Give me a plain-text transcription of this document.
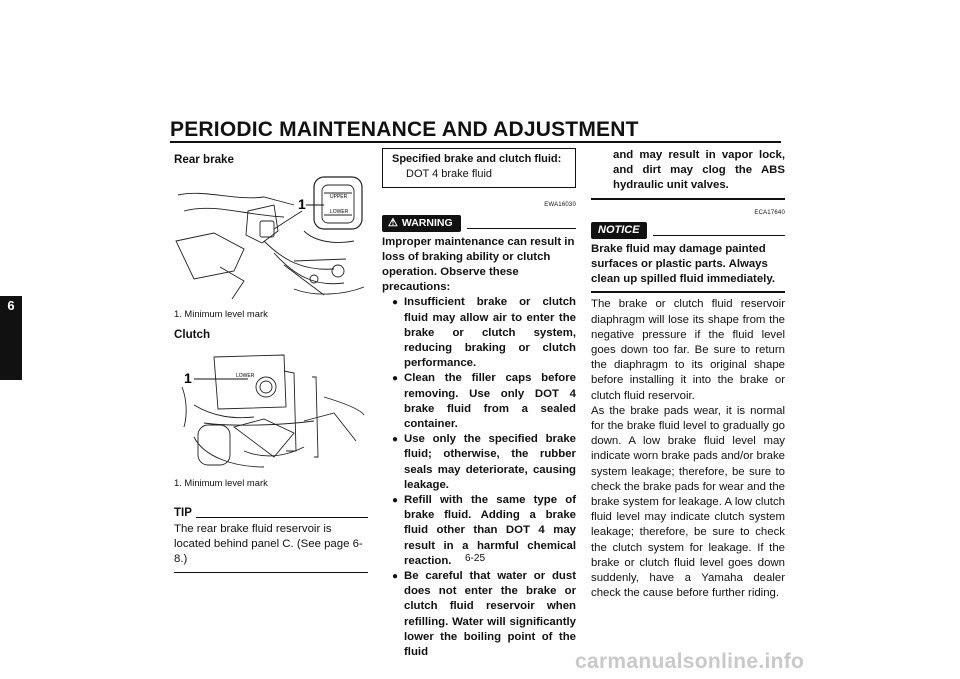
PERIODIC MAINTENANCE AND ADJUSTMENT
6
Rear brake
1	UPPER
LOWER
1. Minimum level mark
Clutch
1	LOWER
1. Minimum level mark
TIP
The rear brake fluid reservoir is located behind panel C. (See page 6-8.)
Specified brake and clutch fluid:
DOT 4 brake fluid
EWA16030
⚠ WARNING
Improper maintenance can result in loss of braking ability or clutch operation. Observe these precautions:
● Insufficient brake or clutch fluid may allow air to enter the brake or clutch system, reducing braking or clutch performance.
● Clean the filler caps before removing. Use only DOT 4 brake fluid from a sealed container.
● Use only the specified brake fluid; otherwise, the rubber seals may deteriorate, causing leakage.
● Refill with the same type of brake fluid. Adding a brake fluid other than DOT 4 may result in a harmful chemical reaction.
● Be careful that water or dust does not enter the brake or clutch fluid reservoir when refilling. Water will significantly lower the boiling point of the fluid
and may result in vapor lock, and dirt may clog the ABS hydraulic unit valves.
ECA17640
NOTICE
Brake fluid may damage painted surfaces or plastic parts. Always clean up spilled fluid immediately.
The brake or clutch fluid reservoir diaphragm will lose its shape from the negative pressure if the fluid level goes down too far. Be sure to return the diaphragm to its original shape before installing it into the brake or clutch fluid reservoir.
As the brake pads wear, it is normal for the brake fluid level to gradually go down. A low brake fluid level may indicate worn brake pads and/or brake system leakage; therefore, be sure to check the brake pads for wear and the brake system for leakage. A low clutch fluid level may indicate clutch system leakage; therefore, be sure to check the clutch system for leakage. If the brake or clutch fluid level goes down suddenly, have a Yamaha dealer check the cause before further riding.
6-25
carmanualsonline.info
